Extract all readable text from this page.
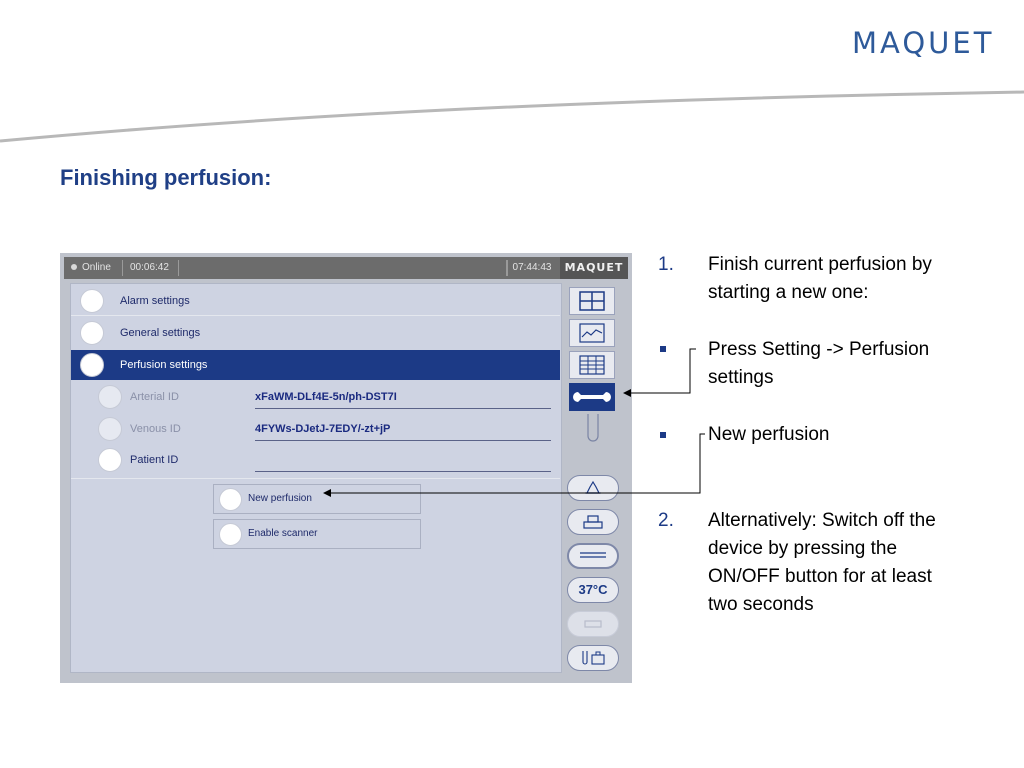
MAQUET
Finishing perfusion:
Online	00:06:42	07:44:43	MAQUET
Alarm settings
General settings
Perfusion settings
Arterial ID	xFaWM-DLf4E-5n/ph-DST7I
Venous ID	4FYWs-DJetJ-7EDY/-zt+jP
Patient ID
New perfusion
Enable scanner
37°C
1. Finish current perfusion by
starting a new one:
Press Setting -> Perfusion
settings
New perfusion
2. Alternatively: Switch off the
device by pressing the
ON/OFF button for at least
two seconds
